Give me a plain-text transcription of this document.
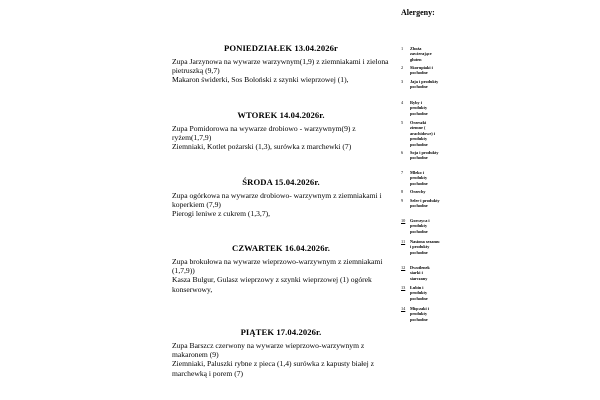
PONIEDZIAŁEK 13.04.2026r

Zupa Jarzynowa na wywarze warzywnym(1,9) z ziemniakami i zielona pietruszką (9,7)

Makaron świderki, Sos Boloński z szynki wieprzowej (1),

WTOREK 14.04.2026r.

Zupa Pomidorowa na wywarze drobiowo - warzywnym(9) z ryżem(1,7,9)

Ziemniaki, Kotlet pożarski (1,3), surówka z marchewki (7)

ŚRODA 15.04.2026r.

Zupa ogórkowa na wywarze drobiowo- warzywnym z ziemniakami i koperkiem (7,9)

Pierogi leniwe z cukrem (1,3,7),

CZWARTEK 16.04.2026r.

Zupa brokułowa na wywarze wieprzowo-warzywnym z ziemniakami (1,7,9))

Kasza Bulgur, Gulasz wieprzowy z szynki wieprzowej (1) ogórek konserwowy,

PIĄTEK 17.04.2026r.

Zupa Barszcz czerwony na wywarze wieprzowo-warzywnym z makaronem (9)

Ziemniaki, Paluszki rybne z pieca (1,4) surówka z kapusty białej z marchewką i porem (7)

Alergeny:
1	Zboża zawierające gluten
2	Skorupiaki i pochodne
3	Jaja i produkty pochodne
4	Ryby i produkty pochodne
5	Orzeszki ziemne ( arachidowe) i produkty pochodne
6	Soja i produkty pochodne
7	Mleko i produkty pochodne
8	Orzechy
9	Seler i produkty pochodne
10	Gorczyca i produkty pochodne
11	Nasiona sezamu i produkty pochodne
12	Dwutlenek siarki i siarczany
13	Łubin i produkty pochodne
14	Mięczaki i produkty pochodne
